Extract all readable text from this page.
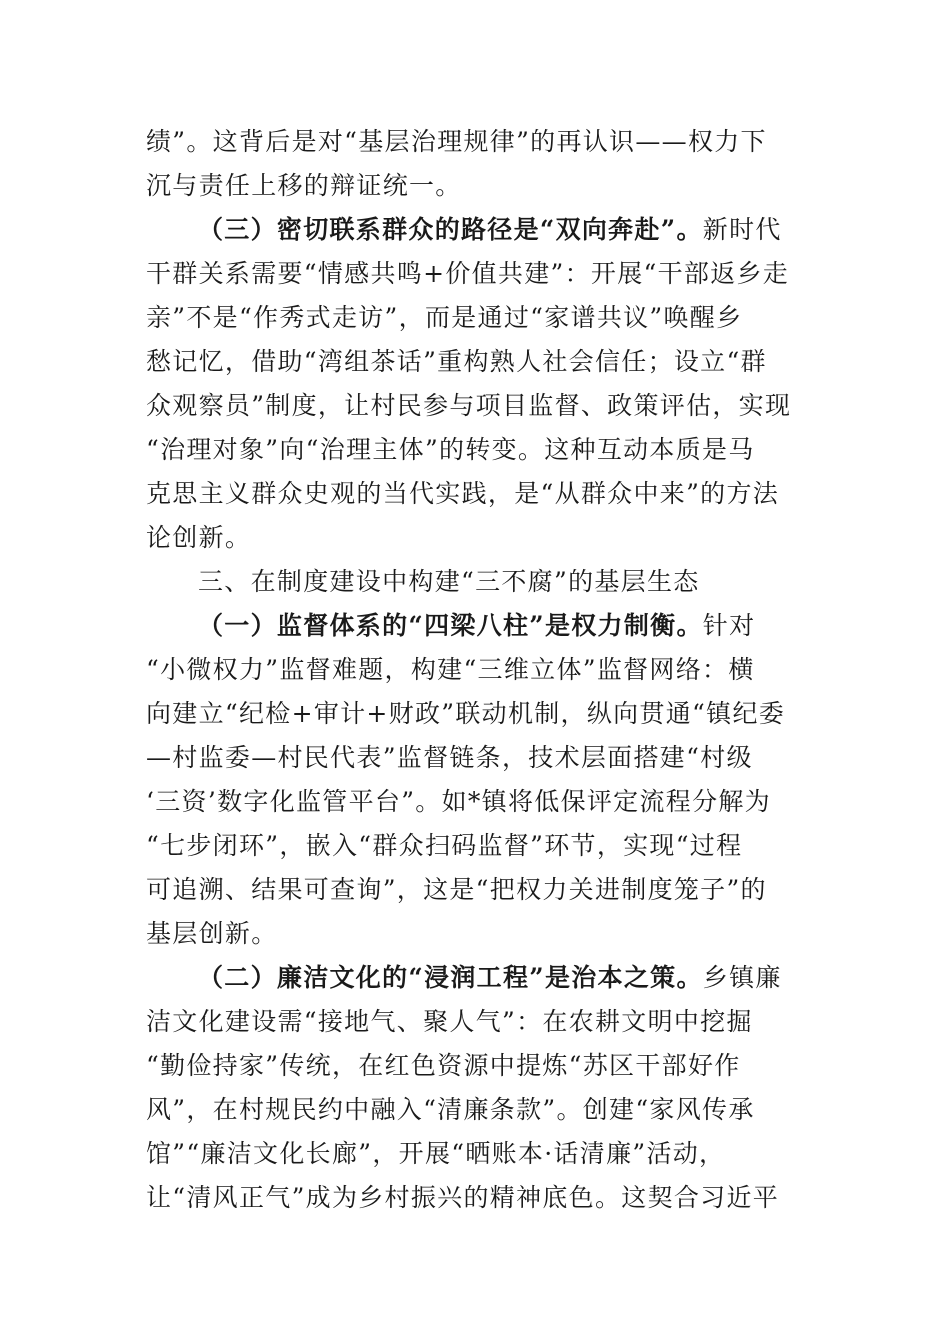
绩”。这背后是对“基层治理规律”的再认识——权力下
沉与责任上移的辩证统一。
（三）密切联系群众的路径是“双向奔赴”。新时代
干群关系需要“情感共鸣+价值共建”：开展“干部返乡走
亲”不是“作秀式走访”，而是通过“家谱共议”唤醒乡
愁记忆，借助“湾组茶话”重构熟人社会信任；设立“群
众观察员”制度，让村民参与项目监督、政策评估，实现
“治理对象”向“治理主体”的转变。这种互动本质是马
克思主义群众史观的当代实践，是“从群众中来”的方法
论创新。
三、在制度建设中构建“三不腐”的基层生态
（一）监督体系的“四梁八柱”是权力制衡。针对
“小微权力”监督难题，构建“三维立体”监督网络：横
向建立“纪检+审计+财政”联动机制，纵向贯通“镇纪委
—村监委—村民代表”监督链条，技术层面搭建“村级
‘三资’数字化监管平台”。如*镇将低保评定流程分解为
“七步闭环”，嵌入“群众扫码监督”环节，实现“过程
可追溯、结果可查询”，这是“把权力关进制度笼子”的
基层创新。
（二）廉洁文化的“浸润工程”是治本之策。乡镇廉
洁文化建设需“接地气、聚人气”：在农耕文明中挖掘
“勤俭持家”传统，在红色资源中提炼“苏区干部好作
风”，在村规民约中融入“清廉条款”。创建“家风传承
馆”“廉洁文化长廊”，开展“晒账本·话清廉”活动，
让“清风正气”成为乡村振兴的精神底色。这契合习近平
